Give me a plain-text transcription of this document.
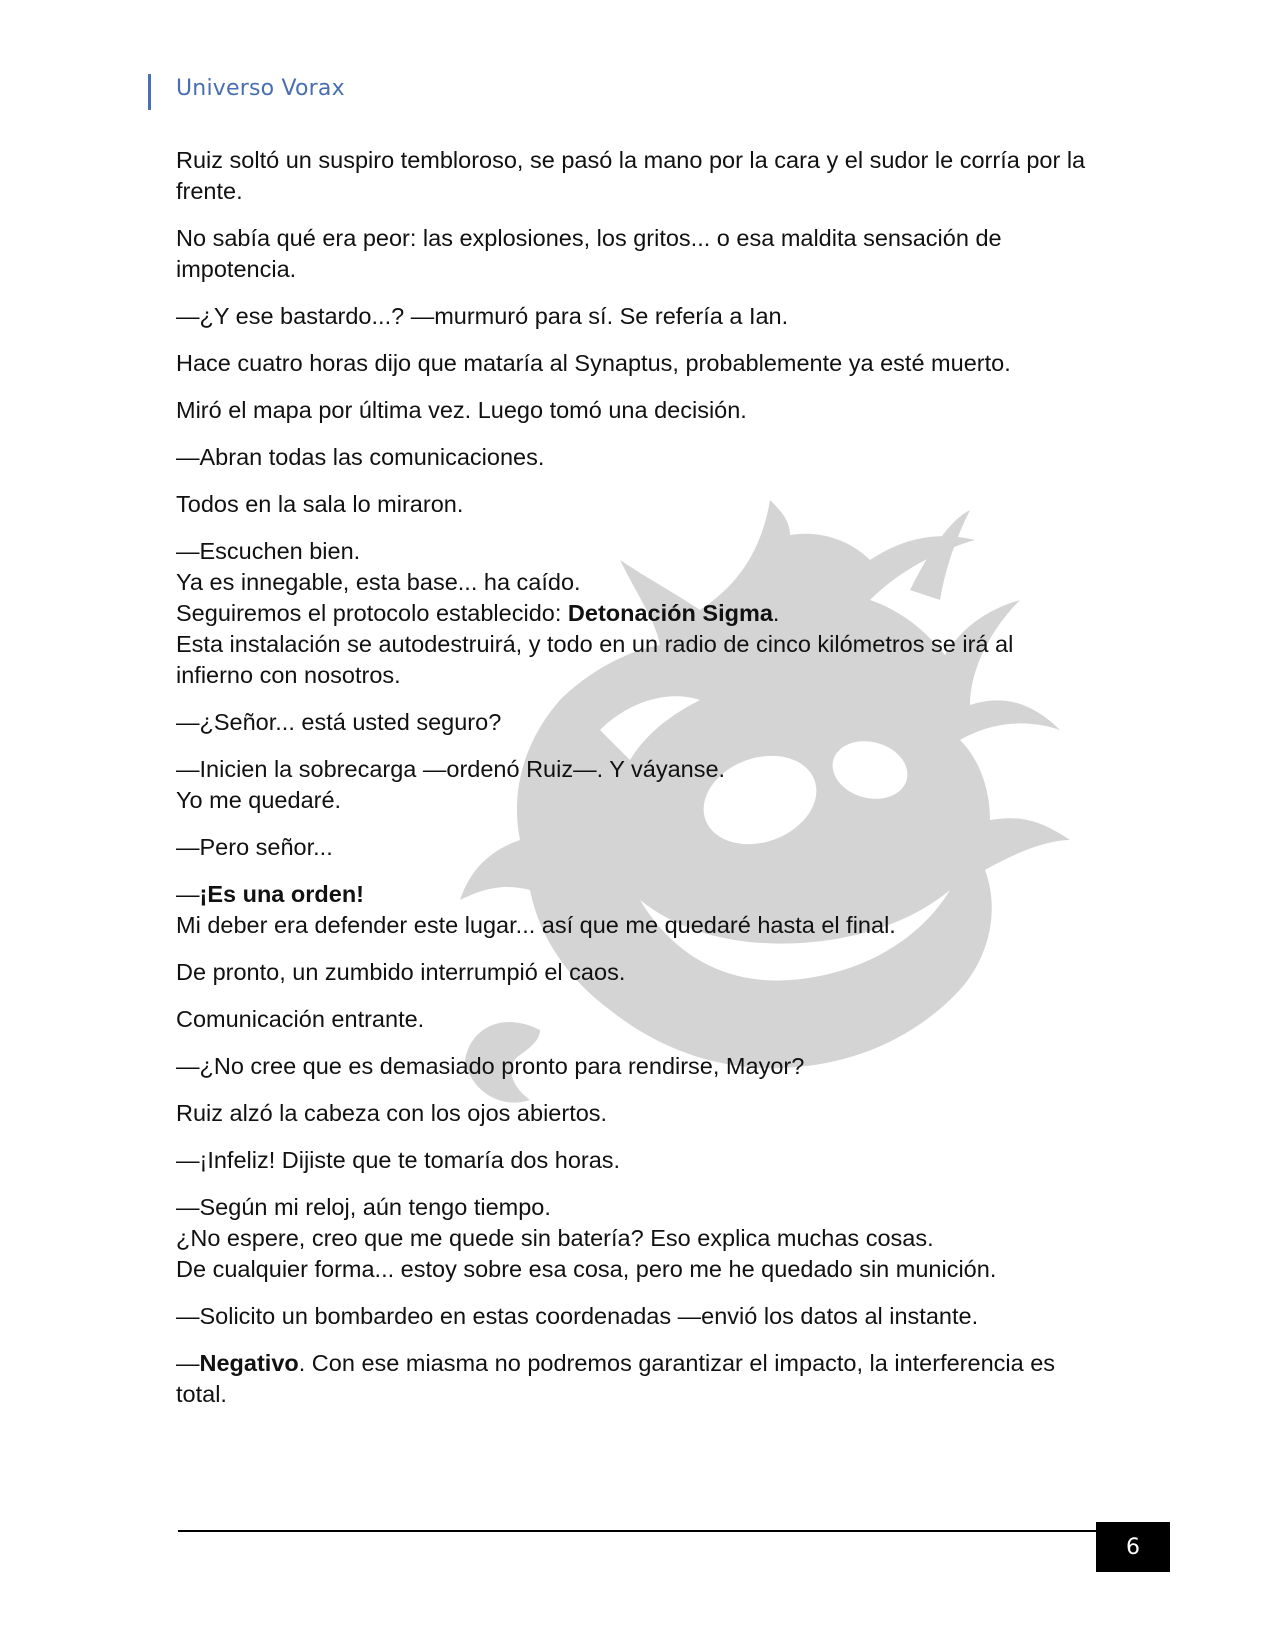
Universo Vorax

Ruiz soltó un suspiro tembloroso, se pasó la mano por la cara y el sudor le corría por la frente.

No sabía qué era peor: las explosiones, los gritos... o esa maldita sensación de impotencia.

—¿Y ese bastardo...? —murmuró para sí. Se refería a Ian.

Hace cuatro horas dijo que mataría al Synaptus, probablemente ya esté muerto.

Miró el mapa por última vez. Luego tomó una decisión.

—Abran todas las comunicaciones.

Todos en la sala lo miraron.

—Escuchen bien.
Ya es innegable, esta base... ha caído.
Seguiremos el protocolo establecido: Detonación Sigma.
Esta instalación se autodestruirá, y todo en un radio de cinco kilómetros se irá al infierno con nosotros.

—¿Señor... está usted seguro?

—Inicien la sobrecarga —ordenó Ruiz—. Y váyanse.
Yo me quedaré.

—Pero señor...

—¡Es una orden!
Mi deber era defender este lugar... así que me quedaré hasta el final.

De pronto, un zumbido interrumpió el caos.

Comunicación entrante.

—¿No cree que es demasiado pronto para rendirse, Mayor?

Ruiz alzó la cabeza con los ojos abiertos.

—¡Infeliz! Dijiste que te tomaría dos horas.

—Según mi reloj, aún tengo tiempo.
¿No espere, creo que me quede sin batería? Eso explica muchas cosas.
De cualquier forma... estoy sobre esa cosa, pero me he quedado sin munición.

—Solicito un bombardeo en estas coordenadas —envió los datos al instante.

—Negativo. Con ese miasma no podremos garantizar el impacto, la interferencia es total.

6
